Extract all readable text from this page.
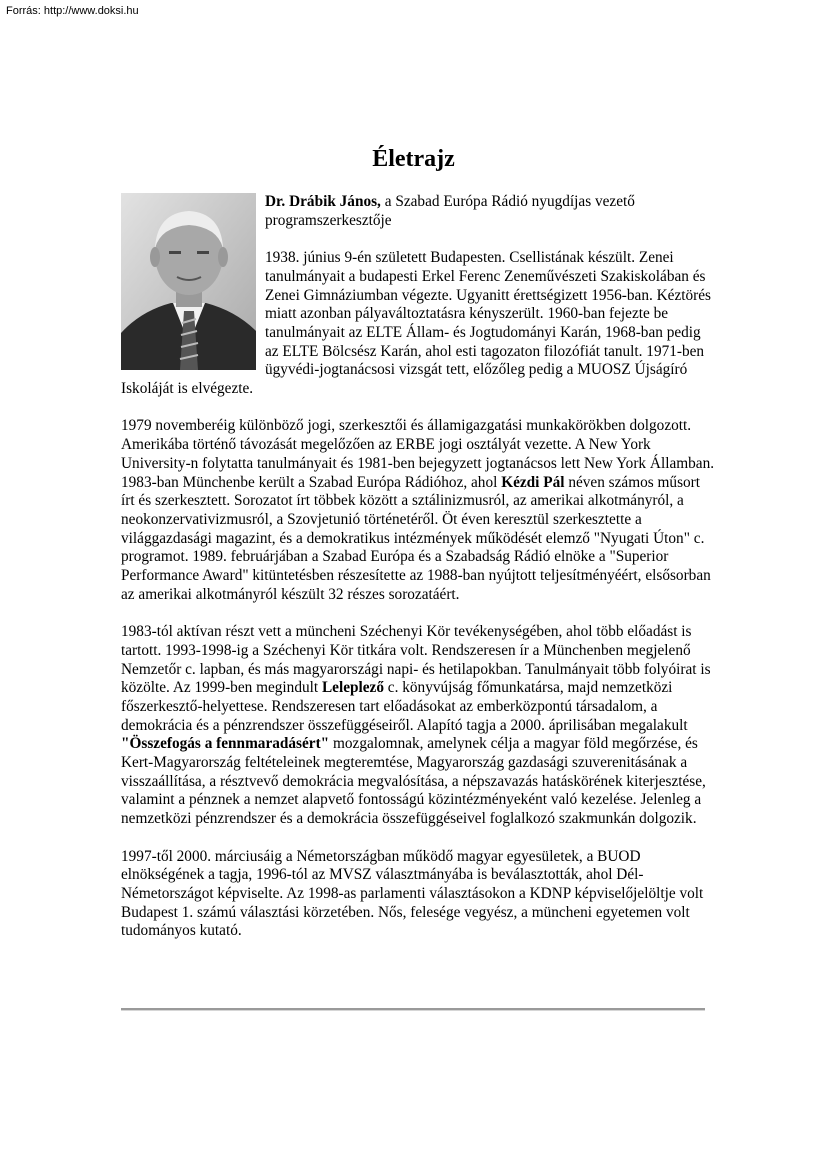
Forrás: http://www.doksi.hu
Életrajz

Dr. Drábik János, a Szabad Európa Rádió nyugdíjas vezető programszerkesztője

1938. június 9-én született Budapesten. Csellistának készült. Zenei tanulmányait a budapesti Erkel Ferenc Zeneművészeti Szakiskolában és Zenei Gimnáziumban végezte. Ugyanitt érettségizett 1956-ban. Kéztörés miatt azonban pályaváltoztatásra kényszerült. 1960-ban fejezte be tanulmányait az ELTE Állam- és Jogtudományi Karán, 1968-ban pedig az ELTE Bölcsész Karán, ahol esti tagozaton filozófiát tanult. 1971-ben ügyvédi-jogtanácsosi vizsgát tett, előzőleg pedig a MUOSZ Újságíró Iskoláját is elvégezte.

1979 novemberéig különböző jogi, szerkesztői és államigazgatási munkakörökben dolgozott. Amerikába történő távozását megelőzően az ERBE jogi osztályát vezette. A New York University-n folytatta tanulmányait és 1981-ben bejegyzett jogtanácsos lett New York Államban. 1983-ban Münchenbe került a Szabad Európa Rádióhoz, ahol Kézdi Pál néven számos műsort írt és szerkesztett. Sorozatot írt többek között a sztálinizmusról, az amerikai alkotmányról, a neokonzervativizmusról, a Szovjetunió történetéről. Öt éven keresztül szerkesztette a világgazdasági magazint, és a demokratikus intézmények működését elemző "Nyugati Úton" c. programot. 1989. februárjában a Szabad Európa és a Szabadság Rádió elnöke a "Superior Performance Award" kitüntetésben részesítette az 1988-ban nyújtott teljesítményéért, elsősorban az amerikai alkotmányról készült 32 részes sorozatáért.

1983-tól aktívan részt vett a müncheni Széchenyi Kör tevékenységében, ahol több előadást is tartott. 1993-1998-ig a Széchenyi Kör titkára volt. Rendszeresen ír a Münchenben megjelenő Nemzetőr c. lapban, és más magyarországi napi- és hetilapokban. Tanulmányait több folyóirat is közölte. Az 1999-ben megindult Leleplező c. könyvújság főmunkatársa, majd nemzetközi főszerkesztő-helyettese. Rendszeresen tart előadásokat az emberközpontú társadalom, a demokrácia és a pénzrendszer összefüggéseiről. Alapító tagja a 2000. áprilisában megalakult "Összefogás a fennmaradásért" mozgalomnak, amelynek célja a magyar föld megőrzése, és Kert-Magyarország feltételeinek megteremtése, Magyarország gazdasági szuverenitásának a visszaállítása, a résztvevő demokrácia megvalósítása, a népszavazás hatáskörének kiterjesztése, valamint a pénznek a nemzet alapvető fontosságú közintézményeként való kezelése. Jelenleg a nemzetközi pénzrendszer és a demokrácia összefüggéseivel foglalkozó szakmunkán dolgozik.

1997-től 2000. márciusáig a Németországban működő magyar egyesületek, a BUOD elnökségének a tagja, 1996-tól az MVSZ választmányába is beválasztották, ahol Dél-Németországot képviselte. Az 1998-as parlamenti választásokon a KDNP képviselőjelöltje volt Budapest 1. számú választási körzetében. Nős, felesége vegyész, a müncheni egyetemen volt tudományos kutató.
